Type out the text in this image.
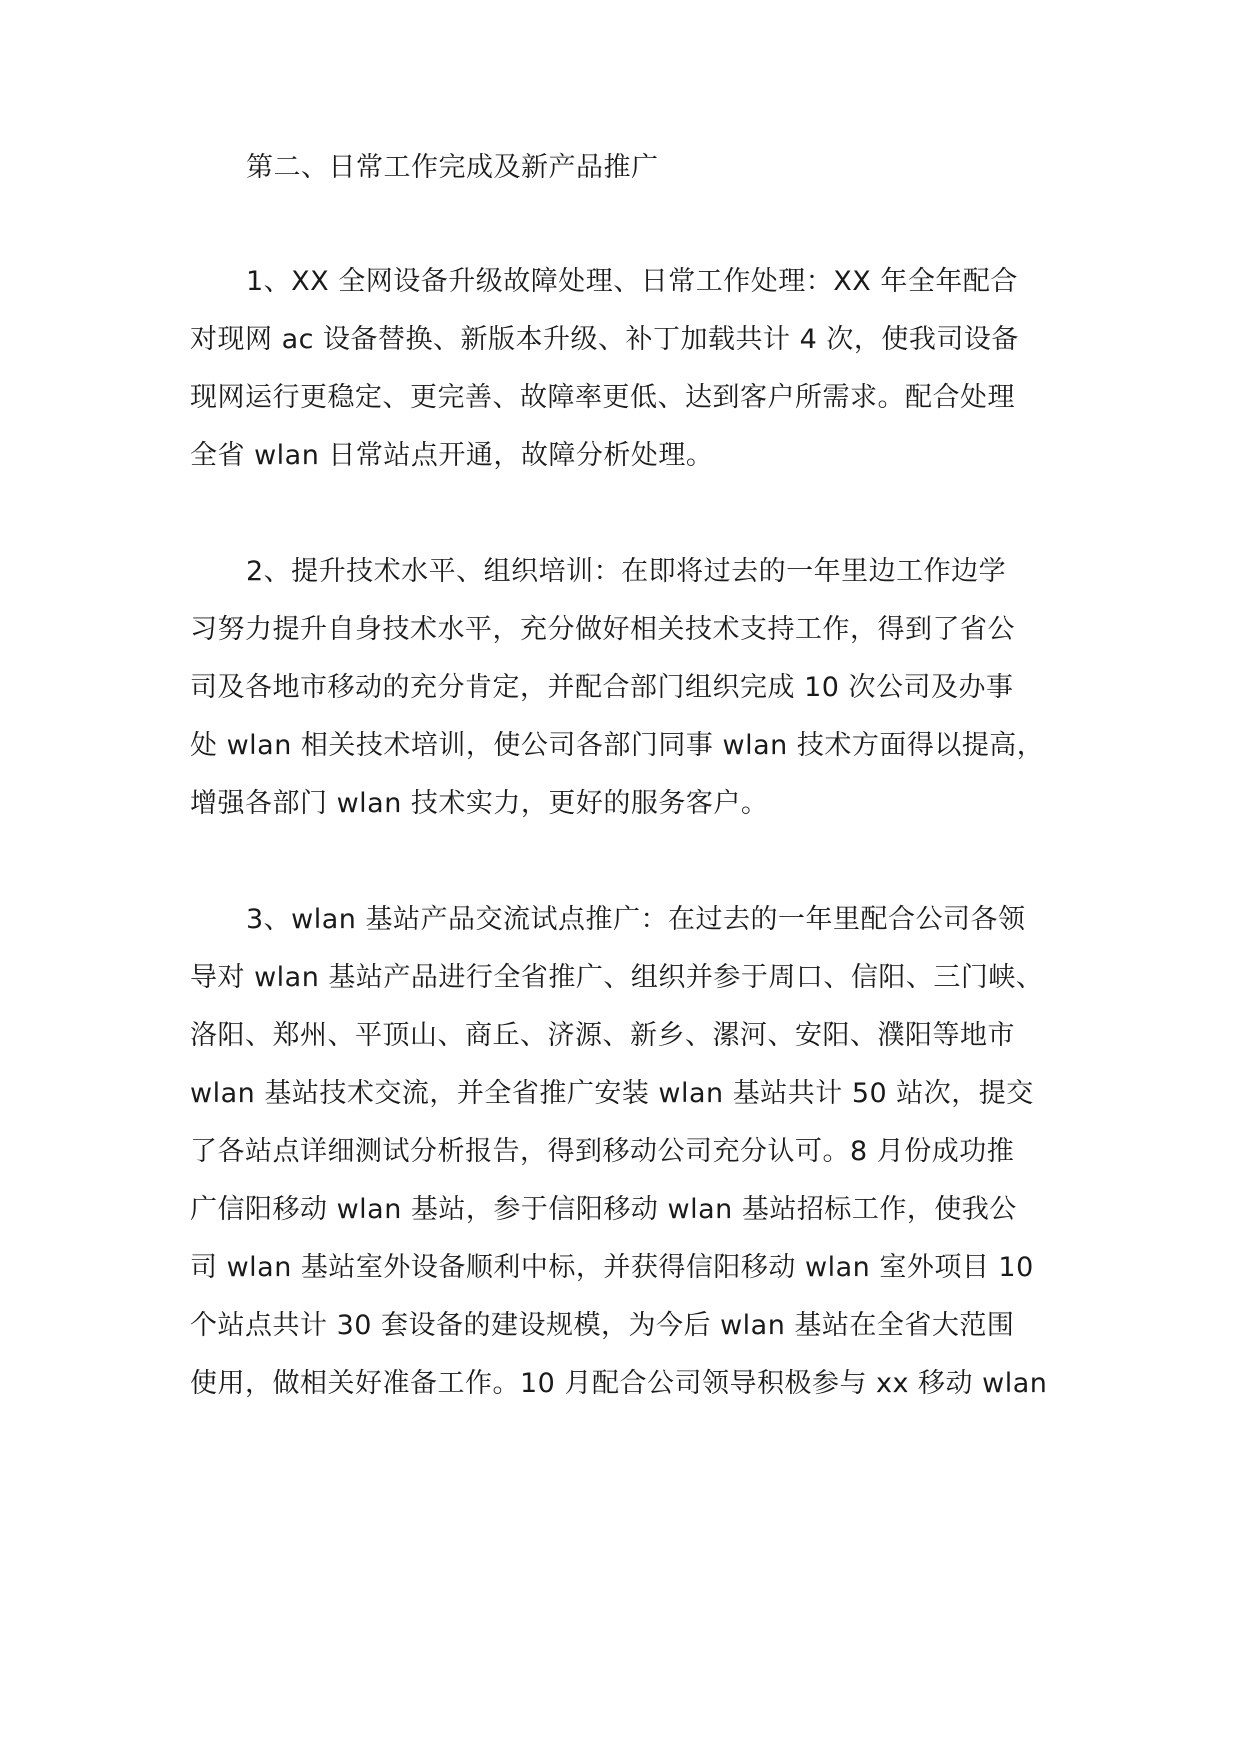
第二、日常工作完成及新产品推广
1、XX 全网设备升级故障处理、日常工作处理：XX 年全年配合
对现网 ac 设备替换、新版本升级、补丁加载共计 4 次，使我司设备
现网运行更稳定、更完善、故障率更低、达到客户所需求。配合处理
全省 wlan 日常站点开通，故障分析处理。
2、提升技术水平、组织培训：在即将过去的一年里边工作边学
习努力提升自身技术水平，充分做好相关技术支持工作，得到了省公
司及各地市移动的充分肯定，并配合部门组织完成 10 次公司及办事
处 wlan 相关技术培训，使公司各部门同事 wlan 技术方面得以提高，
增强各部门 wlan 技术实力，更好的服务客户。
3、wlan 基站产品交流试点推广：在过去的一年里配合公司各领
导对 wlan 基站产品进行全省推广、组织并参于周口、信阳、三门峡、
洛阳、郑州、平顶山、商丘、济源、新乡、漯河、安阳、濮阳等地市
wlan 基站技术交流，并全省推广安装 wlan 基站共计 50 站次，提交
了各站点详细测试分析报告，得到移动公司充分认可。8 月份成功推
广信阳移动 wlan 基站，参于信阳移动 wlan 基站招标工作，使我公
司 wlan 基站室外设备顺利中标，并获得信阳移动 wlan 室外项目 10
个站点共计 30 套设备的建设规模，为今后 wlan 基站在全省大范围
使用，做相关好准备工作。10 月配合公司领导积极参与 xx 移动 wlan
